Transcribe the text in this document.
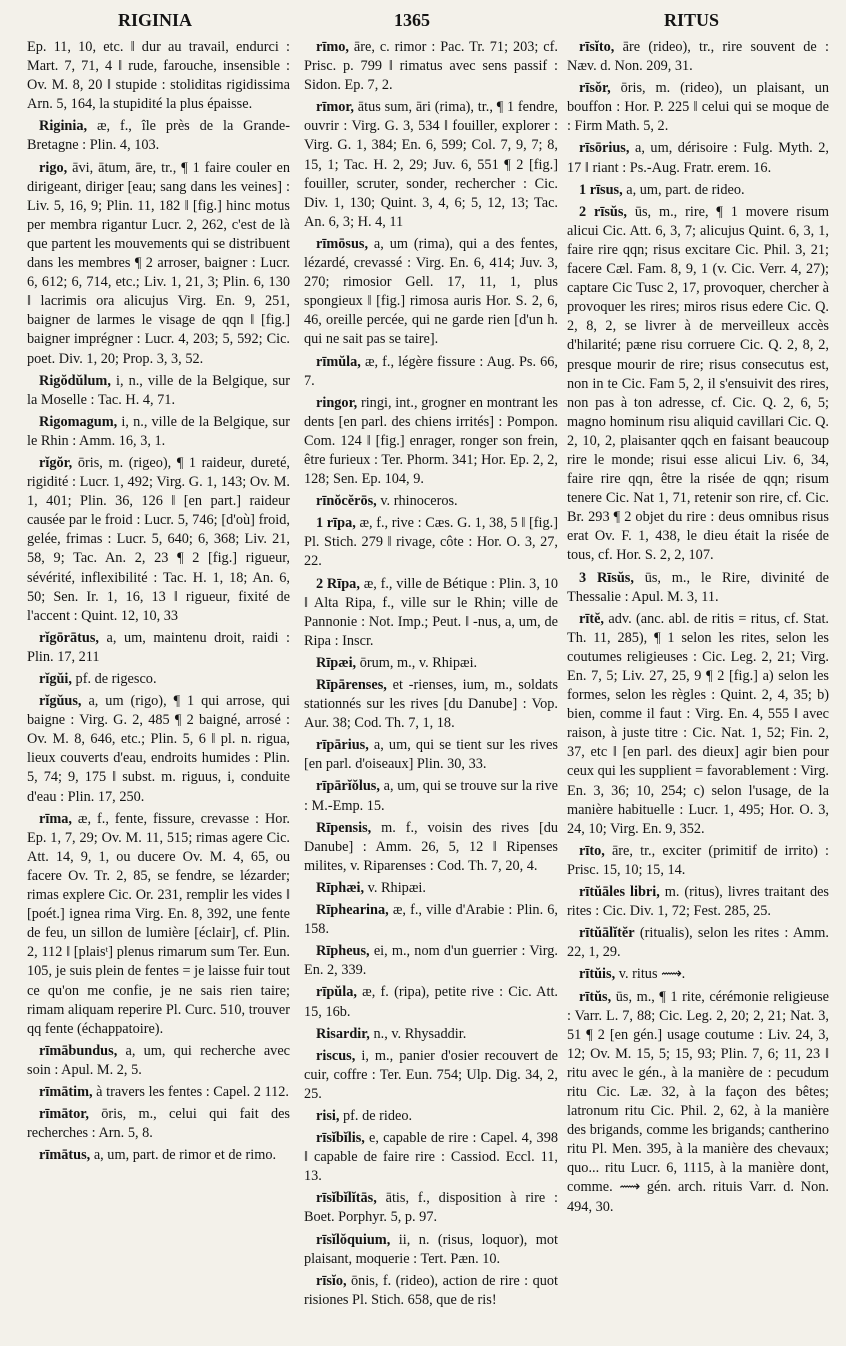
RIGINIA	1365	RITUS

Ep. 11, 10, etc. ‖ dur au travail, endurci : Mart. 7, 71, 4 ‖ rude, farouche, insensible : Ov. M. 8, 20 ‖ stupide : stoliditas rigidissima Arn. 5, 164, la stupidité la plus épaisse.

Riginia, æ, f., île près de la Grande-Bretagne : Plin. 4, 103.

rigo, āvi, ātum, āre, tr., ¶ 1 faire couler en dirigeant, diriger [eau; sang dans les veines] : Liv. 5, 16, 9; Plin. 11, 182 ‖ [fig.] hinc motus per membra rigantur Lucr. 2, 262, c'est de là que partent les mouvements qui se distribuent dans les membres ¶ 2 arroser, baigner : Lucr. 6, 612; 6, 714, etc.; Liv. 1, 21, 3; Plin. 6, 130 ‖ lacrimis ora alicujus Virg. En. 9, 251, baigner de larmes le visage de qqn ‖ [fig.] baigner imprégner : Lucr. 4, 203; 5, 592; Cic. poet. Div. 1, 20; Prop. 3, 3, 52.

Rigŏdŭlum, i, n., ville de la Belgique, sur la Moselle : Tac. H. 4, 71.

Rigomagum, i, n., ville de la Belgique, sur le Rhin : Amm. 16, 3, 1.

rĭgŏr, ōris, m. (rigeo), ¶ 1 raideur, dureté, rigidité : Lucr. 1, 492; Virg. G. 1, 143; Ov. M. 1, 401; Plin. 36, 126 ‖ [en part.] raideur causée par le froid : Lucr. 5, 746; [d'où] froid, gelée, frimas : Lucr. 5, 640; 6, 368; Liv. 21, 58, 9; Tac. An. 2, 23 ¶ 2 [fig.] rigueur, sévérité, inflexibilité : Tac. H. 1, 18; An. 6, 50; Sen. Ir. 1, 16, 13 ‖ rigueur, fixité de l'accent : Quint. 12, 10, 33

rĭgōrātus, a, um, maintenu droit, raidi : Plin. 17, 211

rĭgŭi, pf. de rigesco.

rĭgŭus, a, um (rigo), ¶ 1 qui arrose, qui baigne : Virg. G. 2, 485 ¶ 2 baigné, arrosé : Ov. M. 8, 646, etc.; Plin. 5, 6 ‖ pl. n. rigua, lieux couverts d'eau, endroits humides : Plin. 5, 74; 9, 175 ‖ subst. m. riguus, i, conduite d'eau : Plin. 17, 250.

rīma, æ, f., fente, fissure, crevasse : Hor. Ep. 1, 7, 29; Ov. M. 11, 515; rimas agere Cic. Att. 14, 9, 1, ou ducere Ov. M. 4, 65, ou facere Ov. Tr. 2, 85, se fendre, se lézarder; rimas explere Cic. Or. 231, remplir les vides ‖ [poét.] ignea rima Virg. En. 8, 392, une fente de feu, un sillon de lumière [éclair], cf. Plin. 2, 112 ‖ [plaisᵗ] plenus rimarum sum Ter. Eun. 105, je suis plein de fentes = je laisse fuir tout ce qu'on me confie, je ne sais rien taire; rimam aliquam reperire Pl. Curc. 510, trouver qq fente (échappatoire).

rīmābundus, a, um, qui recherche avec soin : Apul. M. 2, 5.

rīmātim, à travers les fentes : Capel. 2 112.

rīmātor, ōris, m., celui qui fait des recherches : Arn. 5, 8.

rīmātus, a, um, part. de rimor et de rimo.

rīmo, āre, c. rimor : Pac. Tr. 71; 203; cf. Prisc. p. 799 ‖ rimatus avec sens passif : Sidon. Ep. 7, 2.

rīmor, ātus sum, āri (rima), tr., ¶ 1 fendre, ouvrir : Virg. G. 3, 534 ‖ fouiller, explorer : Virg. G. 1, 384; En. 6, 599; Col. 7, 9, 7; 8, 15, 1; Tac. H. 2, 29; Juv. 6, 551 ¶ 2 [fig.] fouiller, scruter, sonder, rechercher : Cic. Div. 1, 130; Quint. 3, 4, 6; 5, 12, 13; Tac. An. 6, 3; H. 4, 11

rīmōsus, a, um (rima), qui a des fentes, lézardé, crevassé : Virg. En. 6, 414; Juv. 3, 270; rimosior Gell. 17, 11, 1, plus spongieux ‖ [fig.] rimosa auris Hor. S. 2, 6, 46, oreille percée, qui ne garde rien [d'un h. qui ne sait pas se taire].

rīmŭla, æ, f., légère fissure : Aug. Ps. 66, 7.

ringor, ringi, int., grogner en montrant les dents [en parl. des chiens irrités] : Pompon. Com. 124 ‖ [fig.] enrager, ronger son frein, être furieux : Ter. Phorm. 341; Hor. Ep. 2, 2, 128; Sen. Ep. 104, 9.

rīnŏcĕrōs, v. rhinoceros.

1 rīpa, æ, f., rive : Cæs. G. 1, 38, 5 ‖ [fig.] Pl. Stich. 279 ‖ rivage, côte : Hor. O. 3, 27, 22.

2 Rīpa, æ, f., ville de Bétique : Plin. 3, 10 ‖ Alta Ripa, f., ville sur le Rhin; ville de Pannonie : Not. Imp.; Peut. ‖ -nus, a, um, de Ripa : Inscr.

Rīpæi, ōrum, m., v. Rhipæi.

Rīpārenses, et -rienses, ium, m., soldats stationnés sur les rives [du Danube] : Vop. Aur. 38; Cod. Th. 7, 1, 18.

rīpārius, a, um, qui se tient sur les rives [en parl. d'oiseaux] Plin. 30, 33.

rīpārĭŏlus, a, um, qui se trouve sur la rive : M.-Emp. 15.

Rīpensis, m. f., voisin des rives [du Danube] : Amm. 26, 5, 12 ‖ Ripenses milites, v. Riparenses : Cod. Th. 7, 20, 4.

Rīphæi, v. Rhipæi.

Rīphearina, æ, f., ville d'Arabie : Plin. 6, 158.

Rīpheus, ei, m., nom d'un guerrier : Virg. En. 2, 339.

rīpŭla, æ, f. (ripa), petite rive : Cic. Att. 15, 16b.

Risardir, n., v. Rhysaddir.

riscus, i, m., panier d'osier recouvert de cuir, coffre : Ter. Eun. 754; Ulp. Dig. 34, 2, 25.

risi, pf. de rideo.

rīsĭbĭlis, e, capable de rire : Capel. 4, 398 ‖ capable de faire rire : Cassiod. Eccl. 11, 13.

rīsĭbĭlĭtās, ātis, f., disposition à rire : Boet. Porphyr. 5, p. 97.

rīsĭlŏquium, ii, n. (risus, loquor), mot plaisant, moquerie : Tert. Pæn. 10.

rīsĭo, ōnis, f. (rideo), action de rire : quot risiones Pl. Stich. 658, que de ris!

rīsĭto, āre (rideo), tr., rire souvent de : Næv. d. Non. 209, 31.

rīsŏr, ōris, m. (rideo), un plaisant, un bouffon : Hor. P. 225 ‖ celui qui se moque de : Firm Math. 5, 2.

rīsōrius, a, um, dérisoire : Fulg. Myth. 2, 17 ‖ riant : Ps.-Aug. Fratr. erem. 16.

1 rīsus, a, um, part. de rideo.

2 rīsŭs, ūs, m., rire, ¶ 1 movere risum alicui Cic. Att. 6, 3, 7; alicujus Quint. 6, 3, 1, faire rire qqn; risus excitare Cic. Phil. 3, 21; facere Cæl. Fam. 8, 9, 1 (v. Cic. Verr. 4, 27); captare Cic Tusc 2, 17, provoquer, chercher à provoquer les rires; miros risus edere Cic. Q. 2, 8, 2, se livrer à de merveilleux accès d'hilarité; pæne risu corruere Cic. Q. 2, 8, 2, presque mourir de rire; risus consecutus est, non in te Cic. Fam 5, 2, il s'ensuivit des rires, non pas à ton adresse, cf. Cic. Q. 2, 6, 5; magno hominum risu aliquid cavillari Cic. Q. 2, 10, 2, plaisanter qqch en faisant beaucoup rire le monde; risui esse alicui Liv. 6, 34, faire rire qqn, être la risée de qqn; risum tenere Cic. Nat 1, 71, retenir son rire, cf. Cic. Br. 293 ¶ 2 objet du rire : deus omnibus risus erat Ov. F. 1, 438, le dieu était la risée de tous, cf. Hor. S. 2, 2, 107.

3 Rīsŭs, ūs, m., le Rire, divinité de Thessalie : Apul. M. 3, 11.

rītĕ, adv. (anc. abl. de ritis = ritus, cf. Stat. Th. 11, 285), ¶ 1 selon les rites, selon les coutumes religieuses : Cic. Leg. 2, 21; Virg. En. 7, 5; Liv. 27, 25, 9 ¶ 2 [fig.] a) selon les formes, selon les règles : Quint. 2, 4, 35; b) bien, comme il faut : Virg. En. 4, 555 ‖ avec raison, à juste titre : Cic. Nat. 1, 52; Fin. 2, 37, etc ‖ [en parl. des dieux] agir bien pour ceux qui les supplient = favorablement : Virg. En. 3, 36; 10, 254; c) selon l'usage, de la manière habituelle : Lucr. 1, 495; Hor. O. 3, 24, 10; Virg. En. 9, 352.

rīto, āre, tr., exciter (primitif de irrito) : Prisc. 15, 10; 15, 14.

rītŭāles libri, m. (ritus), livres traitant des rites : Cic. Div. 1, 72; Fest. 285, 25.

rītŭālĭtĕr (ritualis), selon les rites : Amm. 22, 1, 29.

rītŭis, v. ritus ⟿.

rītŭs, ūs, m., ¶ 1 rite, cérémonie religieuse : Varr. L. 7, 88; Cic. Leg. 2, 20; 2, 21; Nat. 3, 51 ¶ 2 [en gén.] usage coutume : Liv. 24, 3, 12; Ov. M. 15, 5; 15, 93; Plin. 7, 6; 11, 23 ‖ ritu avec le gén., à la manière de : pecudum ritu Cic. Læ. 32, à la façon des bêtes; latronum ritu Cic. Phil. 2, 62, à la manière des brigands, comme les brigands; cantherino ritu Pl. Men. 395, à la manière des chevaux; quo... ritu Lucr. 6, 1115, à la manière dont, comme. ⟿ gén. arch. rituis Varr. d. Non. 494, 30.
